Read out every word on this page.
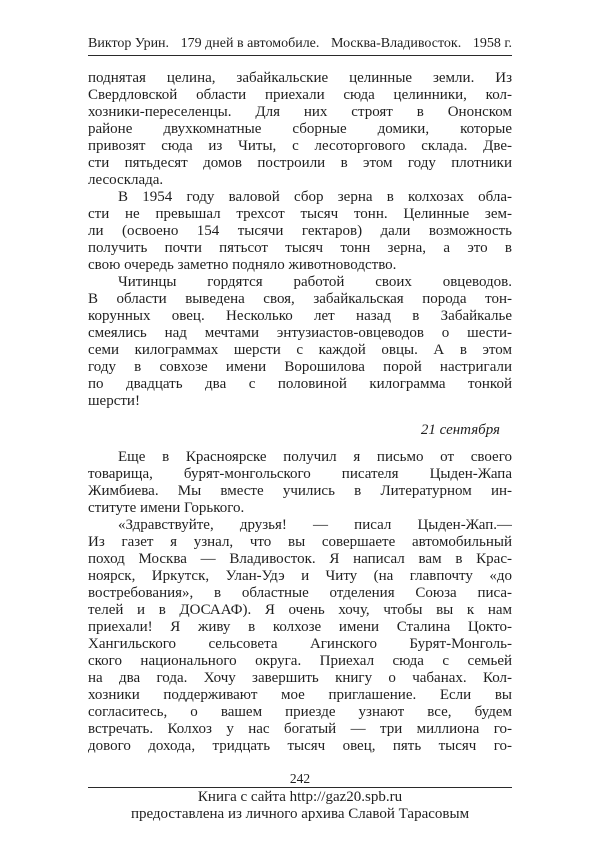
Виктор Урин. 179 дней в автомобиле. Москва-Владивосток. 1958 г.
поднятая целина, забайкальские целинные земли. Из
Свердловской области приехали сюда целинники, кол-
хозники-переселенцы. Для них строят в Ононском
районе двухкомнатные сборные домики, которые
привозят сюда из Читы, с лесоторгового склада. Две-
сти пятьдесят домов построили в этом году плотники
лесосклада.
В 1954 году валовой сбор зерна в колхозах обла-
сти не превышал трехсот тысяч тонн. Целинные зем-
ли (освоено 154 тысячи гектаров) дали возможность
получить почти пятьсот тысяч тонн зерна, а это в
свою очередь заметно подняло животноводство.
Читинцы гордятся работой своих овцеводов.
В области выведена своя, забайкальская порода тон-
корунных овец. Несколько лет назад в Забайкалье
смеялись над мечтами энтузиастов-овцеводов о шести-
семи килограммах шерсти с каждой овцы. А в этом
году в совхозе имени Ворошилова порой настригали
по двадцать два с половиной килограмма тонкой
шерсти!
21 сентября
Еще в Красноярске получил я письмо от своего
товарища, бурят-монгольского писателя Цыден-Жапа
Жимбиева. Мы вместе учились в Литературном ин-
ституте имени Горького.
«Здравствуйте, друзья! — писал Цыден-Жап.—
Из газет я узнал, что вы совершаете автомобильный
поход Москва — Владивосток. Я написал вам в Крас-
ноярск, Иркутск, Улан-Удэ и Читу (на главпочту «до
востребования», в областные отделения Союза писа-
телей и в ДОСААФ). Я очень хочу, чтобы вы к нам
приехали! Я живу в колхозе имени Сталина Цокто-
Хангильского сельсовета Агинского Бурят-Монголь-
ского национального округа. Приехал сюда с семьей
на два года. Хочу завершить книгу о чабанах. Кол-
хозники поддерживают мое приглашение. Если вы
согласитесь, о вашем приезде узнают все, будем
встречать. Колхоз у нас богатый — три миллиона го-
дового дохода, тридцать тысяч овец, пять тысяч го-
242
Книга с сайта http://gaz20.spb.ru
предоставлена из личного архива Славой Тарасовым
